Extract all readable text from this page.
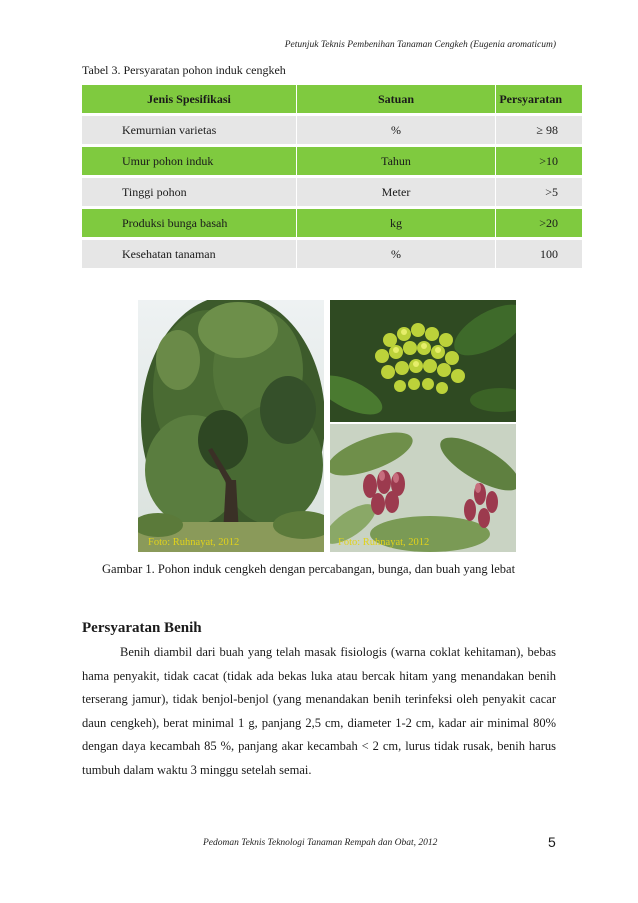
Petunjuk Teknis Pembenihan Tanaman Cengkeh (Eugenia aromaticum)
Tabel 3. Persyaratan pohon induk cengkeh
Jenis Spesifikasi	Satuan	Persyaratan
Kemurnian varietas	%	≥ 98
Umur pohon induk	Tahun	>10
Tinggi pohon	Meter	>5
Produksi bunga basah	kg	>20
Kesehatan tanaman	%	100
Foto: Ruhnayat, 2012	Foto: Ruhnayat, 2012
Gambar 1. Pohon induk cengkeh dengan percabangan, bunga, dan buah yang lebat
Persyaratan Benih
Benih diambil dari buah yang telah masak fisiologis (warna coklat kehitaman), bebas hama penyakit, tidak cacat (tidak ada bekas luka atau bercak hitam yang menandakan benih terserang jamur), tidak benjol-benjol (yang menandakan benih terinfeksi oleh penyakit cacar daun cengkeh), berat minimal 1 g, panjang 2,5 cm, diameter 1-2 cm, kadar air minimal 80% dengan daya kecambah 85 %, panjang akar kecambah < 2 cm, lurus tidak rusak, benih harus tumbuh dalam waktu 3 minggu setelah semai.
Pedoman Teknis Teknologi Tanaman Rempah dan Obat, 2012	5
